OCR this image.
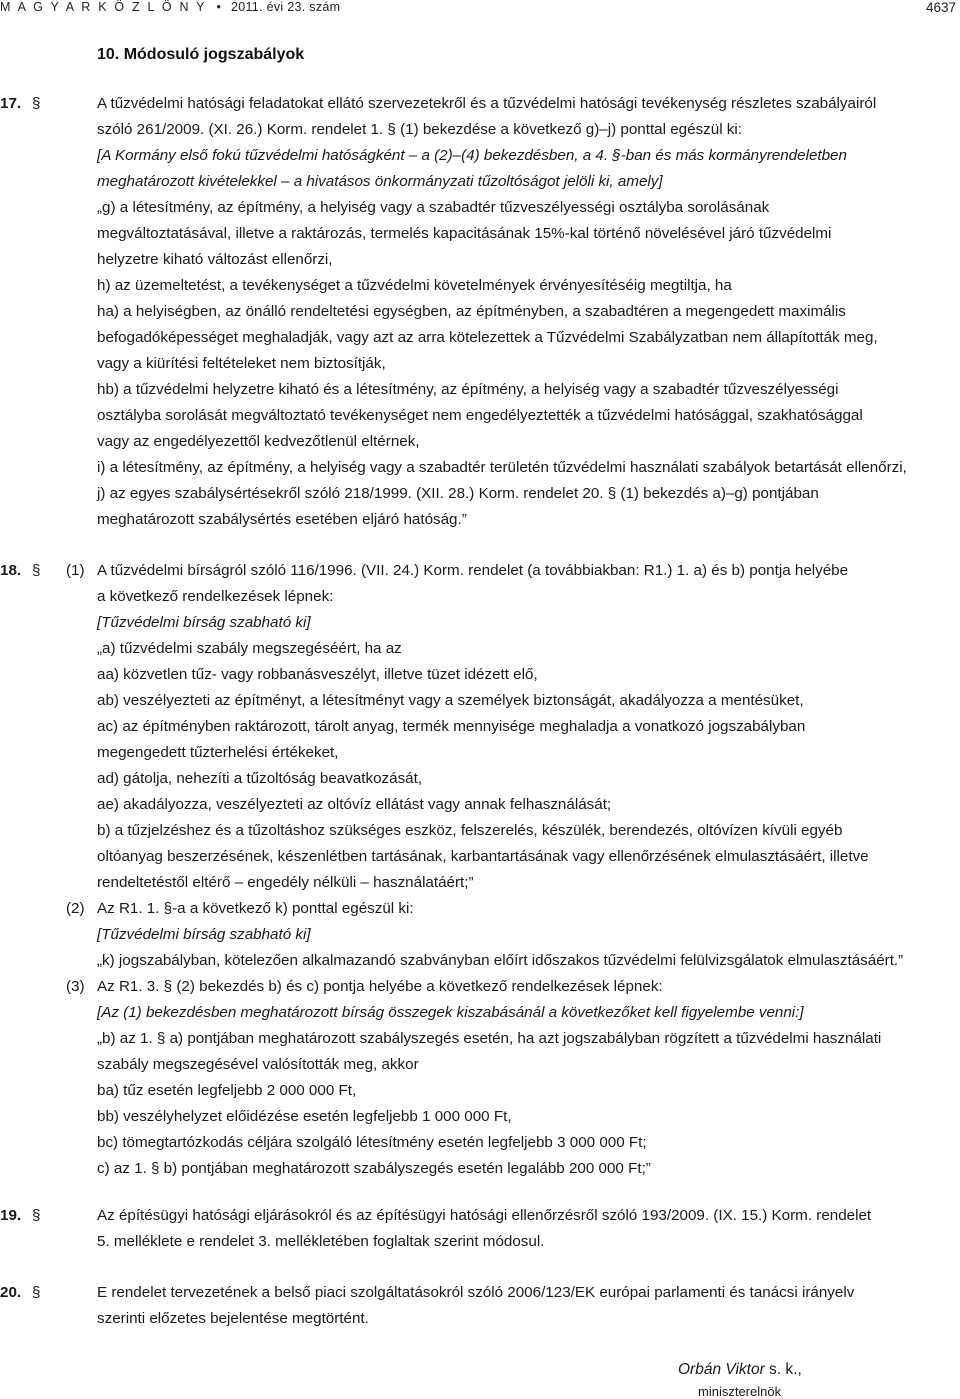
M A G Y A R K Ö Z L Ö N Y • 2011. évi 23. szám	4637
10. Módosuló jogszabályok
17. §	A tűzvédelmi hatósági feladatokat ellátó szervezetekről és a tűzvédelmi hatósági tevékenység részletes szabályairól
szóló 261/2009. (XI. 26.) Korm. rendelet 1. § (1) bekezdése a következő g)–j) ponttal egészül ki:
[A Kormány első fokú tűzvédelmi hatóságként – a (2)–(4) bekezdésben, a 4. §-ban és más kormányrendeletben
meghatározott kivételekkel – a hivatásos önkormányzati tűzoltóságot jelöli ki, amely]
„g) a létesítmény, az építmény, a helyiség vagy a szabadtér tűzveszélyességi osztályba sorolásának
megváltoztatásával, illetve a raktározás, termelés kapacitásának 15%-kal történő növelésével járó tűzvédelmi
helyzetre kiható változást ellenőrzi,
h) az üzemeltetést, a tevékenységet a tűzvédelmi követelmények érvényesítéséig megtiltja, ha
ha) a helyiségben, az önálló rendeltetési egységben, az építményben, a szabadtéren a megengedett maximális
befogadóképességet meghaladják, vagy azt az arra kötelezettek a Tűzvédelmi Szabályzatban nem állapították meg,
vagy a kiürítési feltételeket nem biztosítják,
hb) a tűzvédelmi helyzetre kiható és a létesítmény, az építmény, a helyiség vagy a szabadtér tűzveszélyességi
osztályba sorolását megváltoztató tevékenységet nem engedélyeztették a tűzvédelmi hatósággal, szakhatósággal
vagy az engedélyezettől kedvezőtlenül eltérnek,
i) a létesítmény, az építmény, a helyiség vagy a szabadtér területén tűzvédelmi használati szabályok betartását ellenőrzi,
j) az egyes szabálysértésekről szóló 218/1999. (XII. 28.) Korm. rendelet 20. § (1) bekezdés a)–g) pontjában
meghatározott szabálysértés esetében eljáró hatóság.”
18. § (1) A tűzvédelmi bírságról szóló 116/1996. (VII. 24.) Korm. rendelet (a továbbiakban: R1.) 1. a) és b) pontja helyébe
a következő rendelkezések lépnek:
[Tűzvédelmi bírság szabható ki]
„a) tűzvédelmi szabály megszegéséért, ha az
aa) közvetlen tűz- vagy robbanásveszélyt, illetve tüzet idézett elő,
ab) veszélyezteti az építményt, a létesítményt vagy a személyek biztonságát, akadályozza a mentésüket,
ac) az építményben raktározott, tárolt anyag, termék mennyisége meghaladja a vonatkozó jogszabályban
megengedett tűzterhelési értékeket,
ad) gátolja, nehezíti a tűzoltóság beavatkozását,
ae) akadályozza, veszélyezteti az oltóvíz ellátást vagy annak felhasználását;
b) a tűzjelzéshez és a tűzoltáshoz szükséges eszköz, felszerelés, készülék, berendezés, oltóvízen kívüli egyéb
oltóanyag beszerzésének, készenlétben tartásának, karbantartásának vagy ellenőrzésének elmulasztásáért, illetve
rendeltetéstől eltérő – engedély nélküli – használatáért;”
(2) Az R1. 1. §-a a következő k) ponttal egészül ki:
[Tűzvédelmi bírság szabható ki]
„k) jogszabályban, kötelezően alkalmazandó szabványban előírt időszakos tűzvédelmi felülvizsgálatok elmulasztásáért.”
(3) Az R1. 3. § (2) bekezdés b) és c) pontja helyébe a következő rendelkezések lépnek:
[Az (1) bekezdésben meghatározott bírság összegek kiszabásánál a következőket kell figyelembe venni:]
„b) az 1. § a) pontjában meghatározott szabályszegés esetén, ha azt jogszabályban rögzített a tűzvédelmi használati
szabály megszegésével valósították meg, akkor
ba) tűz esetén legfeljebb 2 000 000 Ft,
bb) veszélyhelyzet előidézése esetén legfeljebb 1 000 000 Ft,
bc) tömegtartózkodás céljára szolgáló létesítmény esetén legfeljebb 3 000 000 Ft;
c) az 1. § b) pontjában meghatározott szabályszegés esetén legalább 200 000 Ft;”
19. §	Az építésügyi hatósági eljárásokról és az építésügyi hatósági ellenőrzésről szóló 193/2009. (IX. 15.) Korm. rendelet
5. melléklete e rendelet 3. mellékletében foglaltak szerint módosul.
20. §	E rendelet tervezetének a belső piaci szolgáltatásokról szóló 2006/123/EK európai parlamenti és tanácsi irányelv
szerinti előzetes bejelentése megtörtént.
Orbán Viktor s. k.,
miniszterelnök
